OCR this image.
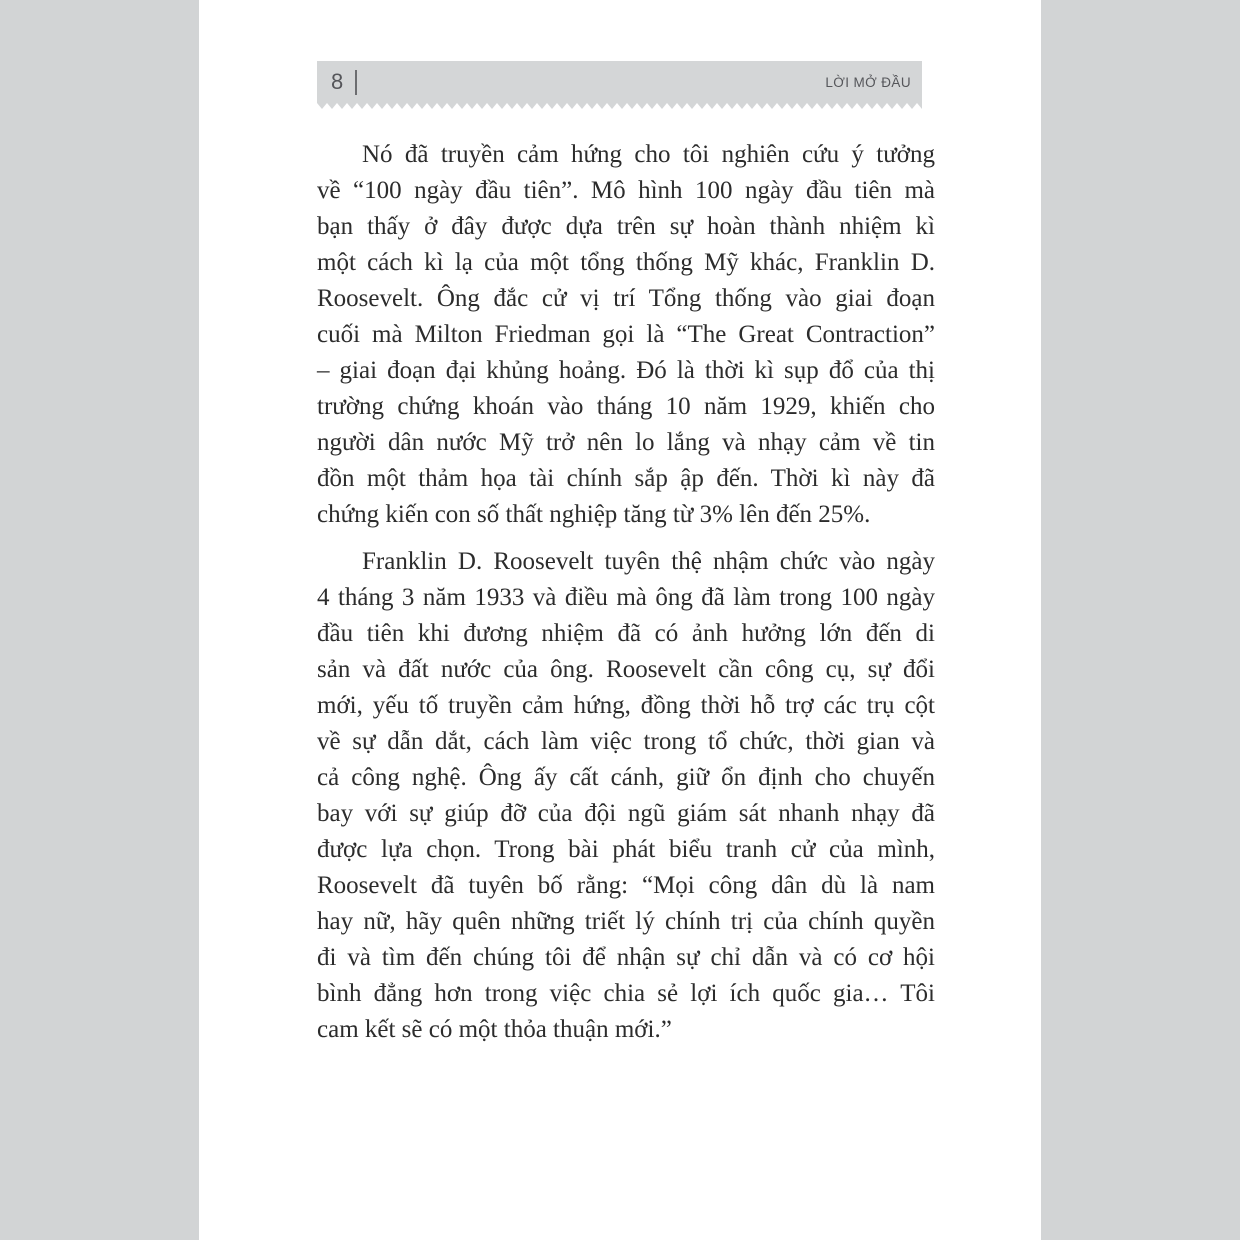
8	LỜI MỞ ĐẦU
Nó đã truyền cảm hứng cho tôi nghiên cứu ý tưởng
về “100 ngày đầu tiên”. Mô hình 100 ngày đầu tiên mà
bạn thấy ở đây được dựa trên sự hoàn thành nhiệm kì
một cách kì lạ của một tổng thống Mỹ khác, Franklin D.
Roosevelt. Ông đắc cử vị trí Tổng thống vào giai đoạn
cuối mà Milton Friedman gọi là “The Great Contraction”
– giai đoạn đại khủng hoảng. Đó là thời kì sụp đổ của thị
trường chứng khoán vào tháng 10 năm 1929, khiến cho
người dân nước Mỹ trở nên lo lắng và nhạy cảm về tin
đồn một thảm họa tài chính sắp ập đến. Thời kì này đã
chứng kiến con số thất nghiệp tăng từ 3% lên đến 25%.
Franklin D. Roosevelt tuyên thệ nhậm chức vào ngày
4 tháng 3 năm 1933 và điều mà ông đã làm trong 100 ngày
đầu tiên khi đương nhiệm đã có ảnh hưởng lớn đến di
sản và đất nước của ông. Roosevelt cần công cụ, sự đổi
mới, yếu tố truyền cảm hứng, đồng thời hỗ trợ các trụ cột
về sự dẫn dắt, cách làm việc trong tổ chức, thời gian và
cả công nghệ. Ông ấy cất cánh, giữ ổn định cho chuyến
bay với sự giúp đỡ của đội ngũ giám sát nhanh nhạy đã
được lựa chọn. Trong bài phát biểu tranh cử của mình,
Roosevelt đã tuyên bố rằng: “Mọi công dân dù là nam
hay nữ, hãy quên những triết lý chính trị của chính quyền
đi và tìm đến chúng tôi để nhận sự chỉ dẫn và có cơ hội
bình đẳng hơn trong việc chia sẻ lợi ích quốc gia… Tôi
cam kết sẽ có một thỏa thuận mới.”
